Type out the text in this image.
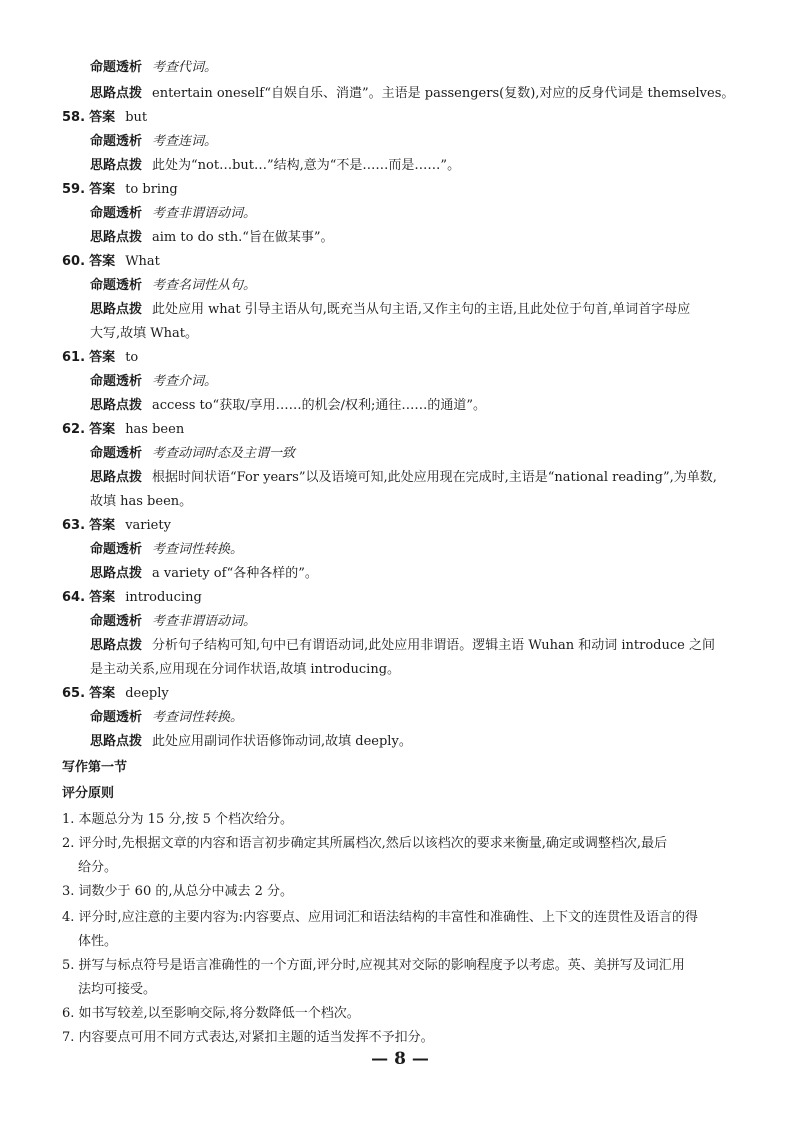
命题透析 考查代词。
思路点拨 entertain oneself“自娱自乐、消遣”。主语是 passengers(复数),对应的反身代词是 themselves。
58. 答案 but
命题透析 考查连词。
思路点拨 此处为“not…but…”结构,意为“不是……而是……”。
59. 答案 to bring
命题透析 考查非谓语动词。
思路点拨 aim to do sth.“旨在做某事”。
60. 答案 What
命题透析 考查名词性从句。
思路点拨 此处应用 what 引导主语从句,既充当从句主语,又作主句的主语,且此处位于句首,单词首字母应
大写,故填 What。
61. 答案 to
命题透析 考查介词。
思路点拨 access to“获取/享用……的机会/权利;通往……的通道”。
62. 答案 has been
命题透析 考查动词时态及主谓一致
思路点拨 根据时间状语“For years”以及语境可知,此处应用现在完成时,主语是“national reading”,为单数,
故填 has been。
63. 答案 variety
命题透析 考查词性转换。
思路点拨 a variety of“各种各样的”。
64. 答案 introducing
命题透析 考查非谓语动词。
思路点拨 分析句子结构可知,句中已有谓语动词,此处应用非谓语。逻辑主语 Wuhan 和动词 introduce 之间
是主动关系,应用现在分词作状语,故填 introducing。
65. 答案 deeply
命题透析 考查词性转换。
思路点拨 此处应用副词作状语修饰动词,故填 deeply。
写作第一节
评分原则
1. 本题总分为 15 分,按 5 个档次给分。
2. 评分时,先根据文章的内容和语言初步确定其所属档次,然后以该档次的要求来衡量,确定或调整档次,最后
给分。
3. 词数少于 60 的,从总分中减去 2 分。
4. 评分时,应注意的主要内容为:内容要点、应用词汇和语法结构的丰富性和准确性、上下文的连贯性及语言的得
体性。
5. 拼写与标点符号是语言准确性的一个方面,评分时,应视其对交际的影响程度予以考虑。英、美拼写及词汇用
法均可接受。
6. 如书写较差,以至影响交际,将分数降低一个档次。
7. 内容要点可用不同方式表达,对紧扣主题的适当发挥不予扣分。
— 8 —
